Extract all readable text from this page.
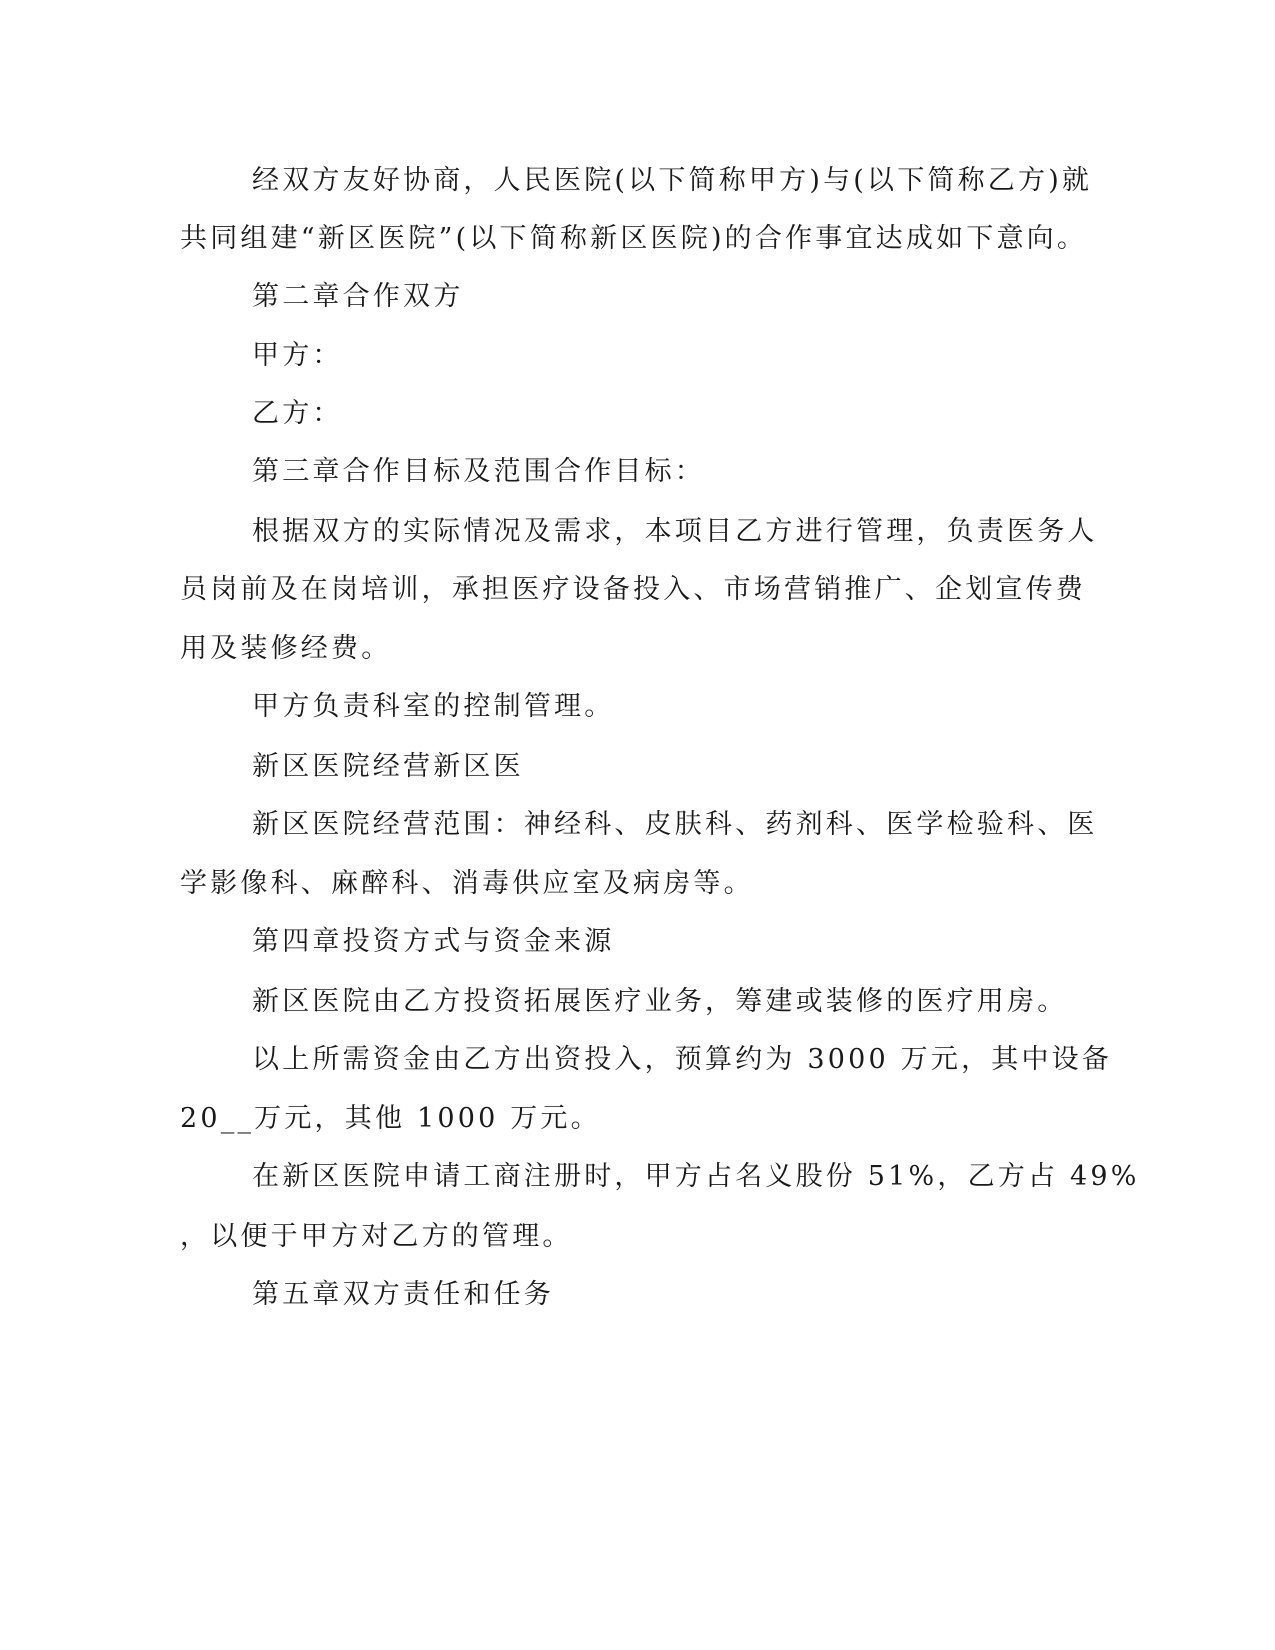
经双方友好协商，人民医院(以下简称甲方)与(以下简称乙方)就
共同组建“新区医院”(以下简称新区医院)的合作事宜达成如下意向。
第二章合作双方
甲方：
乙方：
第三章合作目标及范围合作目标：
根据双方的实际情况及需求，本项目乙方进行管理，负责医务人
员岗前及在岗培训，承担医疗设备投入、市场营销推广、企划宣传费
用及装修经费。
甲方负责科室的控制管理。
新区医院经营新区医
新区医院经营范围：神经科、皮肤科、药剂科、医学检验科、医
学影像科、麻醉科、消毒供应室及病房等。
第四章投资方式与资金来源
新区医院由乙方投资拓展医疗业务，筹建或装修的医疗用房。
以上所需资金由乙方出资投入，预算约为 3000 万元，其中设备
20__万元，其他 1000 万元。
在新区医院申请工商注册时，甲方占名义股份 51%，乙方占 49%
，以便于甲方对乙方的管理。
第五章双方责任和任务
